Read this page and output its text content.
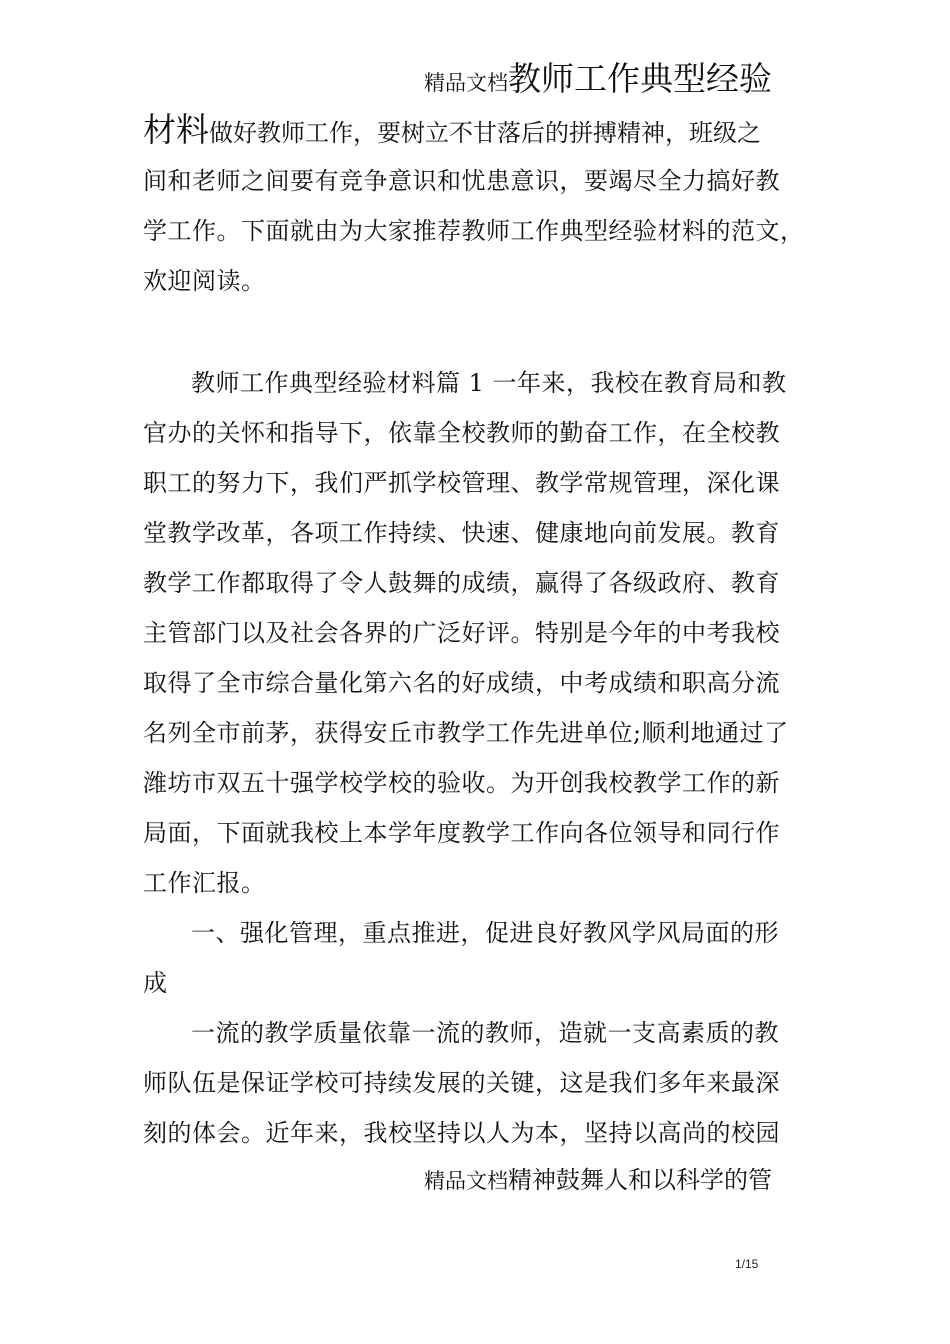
精品文档教师工作典型经验
材料做好教师工作，要树立不甘落后的拼搏精神，班级之
间和老师之间要有竞争意识和忧患意识，要竭尽全力搞好教
学工作。下面就由为大家推荐教师工作典型经验材料的范文，
欢迎阅读。
教师工作典型经验材料篇 1 一年来，我校在教育局和教
官办的关怀和指导下，依靠全校教师的勤奋工作，在全校教
职工的努力下，我们严抓学校管理、教学常规管理，深化课
堂教学改革，各项工作持续、快速、健康地向前发展。教育
教学工作都取得了令人鼓舞的成绩，赢得了各级政府、教育
主管部门以及社会各界的广泛好评。特别是今年的中考我校
取得了全市综合量化第六名的好成绩，中考成绩和职高分流
名列全市前茅，获得安丘市教学工作先进单位;顺利地通过了
潍坊市双五十强学校学校的验收。为开创我校教学工作的新
局面，下面就我校上本学年度教学工作向各位领导和同行作
工作汇报。
一、强化管理，重点推进，促进良好教风学风局面的形
成
一流的教学质量依靠一流的教师，造就一支高素质的教
师队伍是保证学校可持续发展的关键，这是我们多年来最深
刻的体会。近年来，我校坚持以人为本，坚持以高尚的校园
精品文档精神鼓舞人和以科学的管
1/15
